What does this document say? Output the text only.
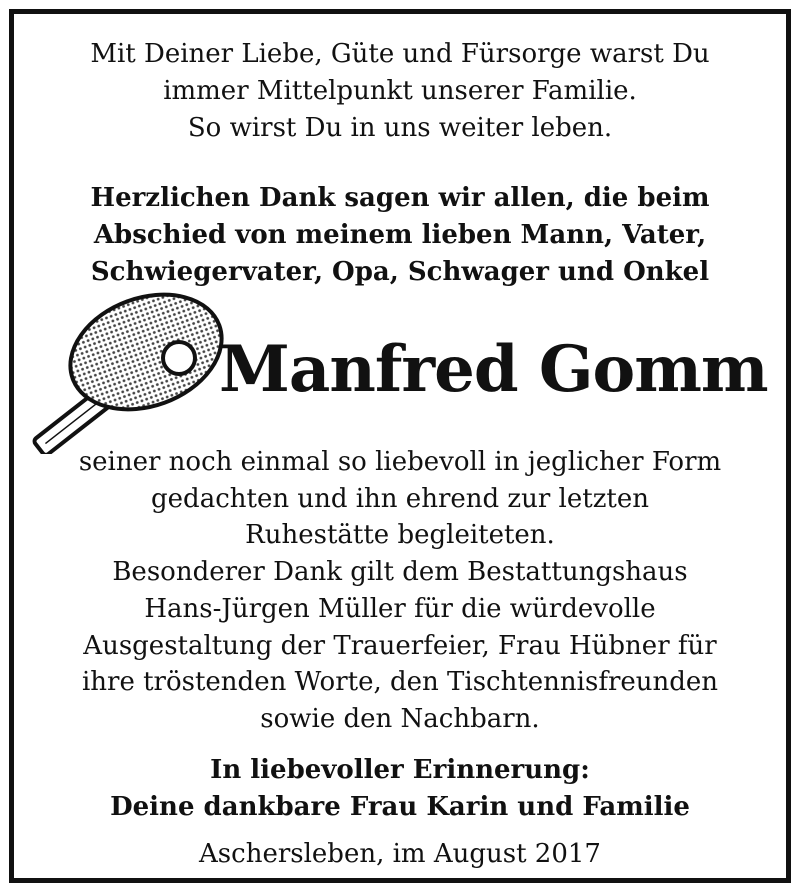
Mit Deiner Liebe, Güte und Fürsorge warst Du
immer Mittelpunkt unserer Familie.
So wirst Du in uns weiter leben.
Herzlichen Dank sagen wir allen, die beim
Abschied von meinem lieben Mann, Vater,
Schwiegervater, Opa, Schwager und Onkel
Manfred Gomm
seiner noch einmal so liebevoll in jeglicher Form
gedachten und ihn ehrend zur letzten
Ruhestätte begleiteten.
Besonderer Dank gilt dem Bestattungshaus
Hans-Jürgen Müller für die würdevolle
Ausgestaltung der Trauerfeier, Frau Hübner für
ihre tröstenden Worte, den Tischtennisfreunden
sowie den Nachbarn.
In liebevoller Erinnerung:
Deine dankbare Frau Karin und Familie
Aschersleben, im August 2017
